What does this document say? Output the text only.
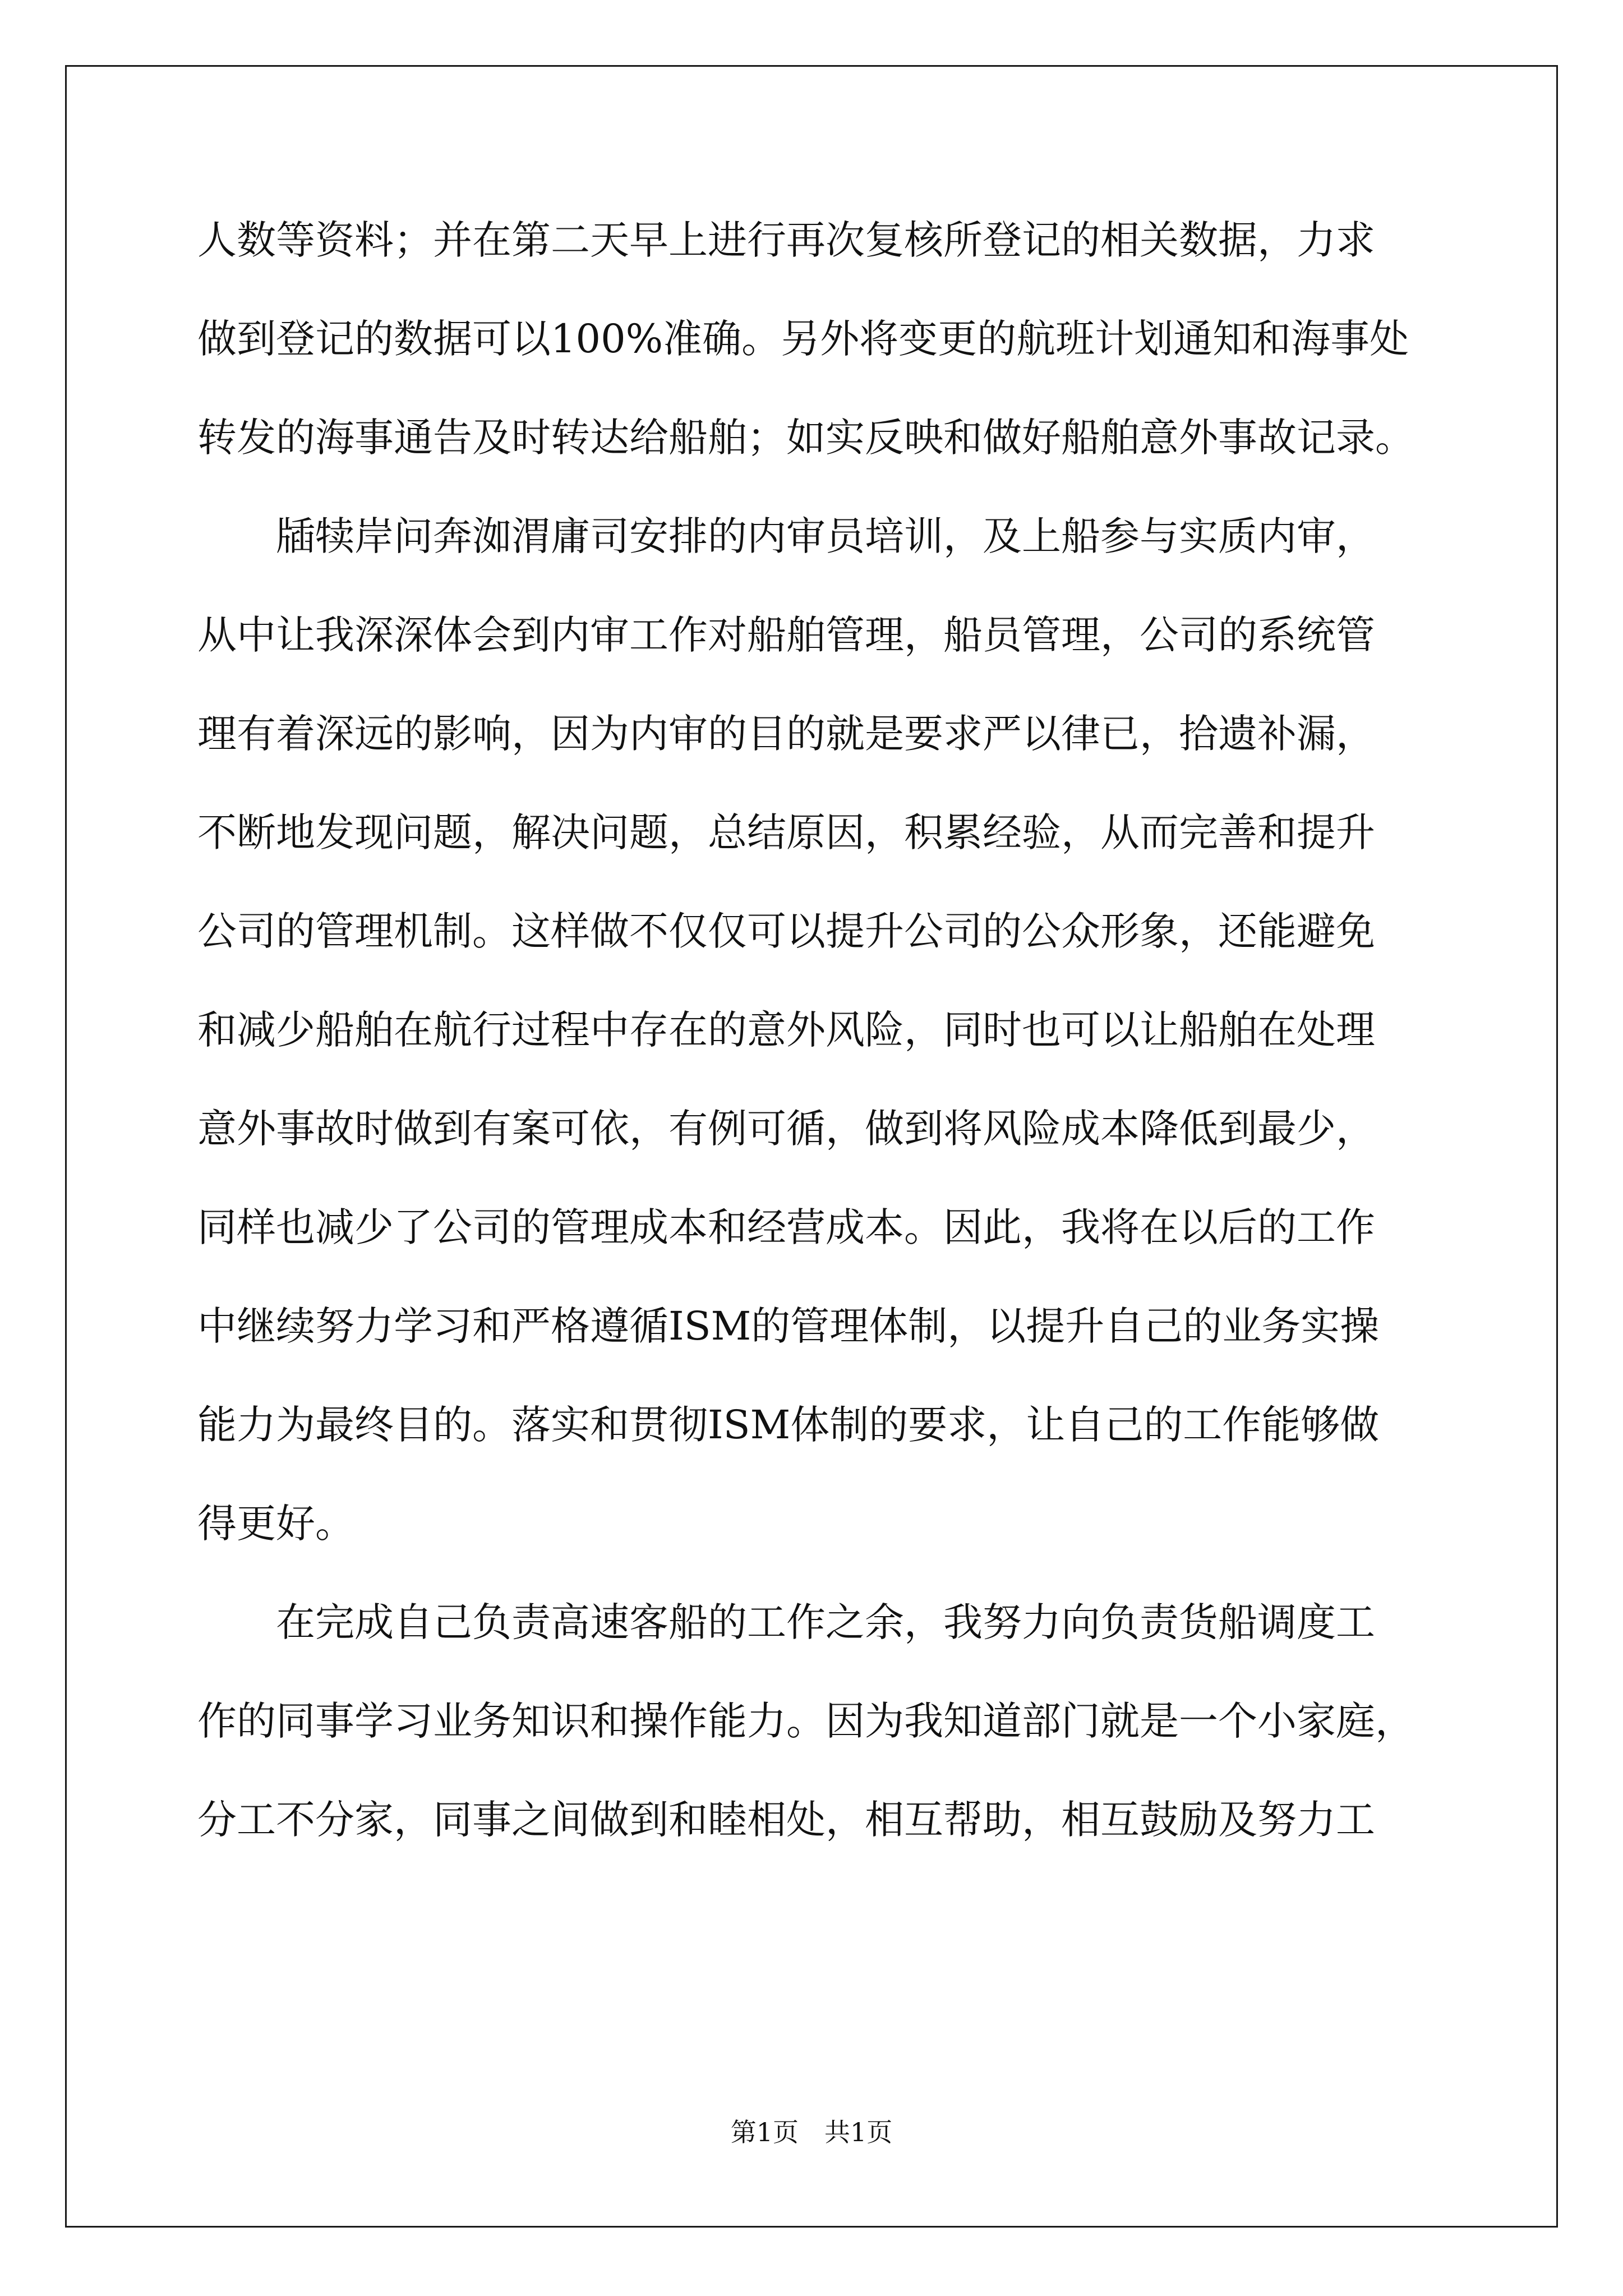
人数等资料；并在第二天早上进行再次复核所登记的相关数据，力求
做到登记的数据可以100%准确。另外将变更的航班计划通知和海事处
转发的海事通告及时转达给船舶；如实反映和做好船舶意外事故记录。
　　牐犊岸问奔洳渭庸司安排的内审员培训，及上船参与实质内审，
从中让我深深体会到内审工作对船舶管理，船员管理，公司的系统管
理有着深远的影响，因为内审的目的就是要求严以律已，拾遗补漏，
不断地发现问题，解决问题，总结原因，积累经验，从而完善和提升
公司的管理机制。这样做不仅仅可以提升公司的公众形象，还能避免
和减少船舶在航行过程中存在的意外风险，同时也可以让船舶在处理
意外事故时做到有案可依，有例可循，做到将风险成本降低到最少，
同样也减少了公司的管理成本和经营成本。因此，我将在以后的工作
中继续努力学习和严格遵循ISM的管理体制，以提升自己的业务实操
能力为最终目的。落实和贯彻ISM体制的要求，让自己的工作能够做
得更好。
　　在完成自己负责高速客船的工作之余，我努力向负责货船调度工
作的同事学习业务知识和操作能力。因为我知道部门就是一个小家庭，
分工不分家，同事之间做到和睦相处，相互帮助，相互鼓励及努力工
第1页　共1页
